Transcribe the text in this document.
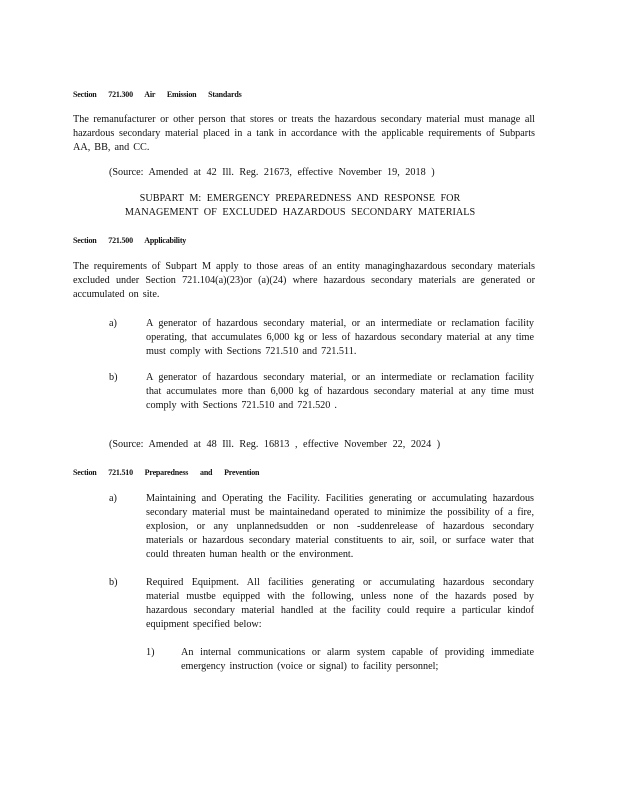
Section 721.300 Air Emission Standards

The remanufacturer or other person that stores or treats the hazardous secondary material must manage all hazardous secondary material placed in a tank in accordance with the applicable requirements of Subparts AA, BB, and CC.

(Source: Amended at 42 Ill. Reg. 21673, effective November 19, 2018 )
SUBPART M: EMERGENCY PREPAREDNESS AND RESPONSE FOR
MANAGEMENT OF EXCLUDED HAZARDOUS SECONDARY MATERIALS
Section 721.500 Applicability

The requirements of Subpart M apply to those areas of an entity managinghazardous secondary materials excluded under Section 721.104(a)(23)or (a)(24) where hazardous secondary materials are generated or accumulated on site.

a)	A generator of hazardous secondary material, or an intermediate or reclamation facility operating, that accumulates 6,000 kg or less of hazardous secondary material at any time must comply with Sections 721.510 and 721.511.

b)	A generator of hazardous secondary material, or an intermediate or reclamation facility that accumulates more than 6,000 kg of hazardous secondary material at any time must comply with Sections 721.510 and 721.520 .

(Source: Amended at 48 Ill. Reg. 16813 , effective November 22, 2024 )
Section 721.510 Preparedness and Prevention
a)	Maintaining and Operating the Facility. Facilities generating or accumulating hazardous secondary material must be maintainedand operated to minimize the possibility of a fire, explosion, or any unplannedsudden or non -suddenrelease of hazardous secondary materials or hazardous secondary material constituents to air, soil, or surface water that could threaten human health or the environment.

b)	Required Equipment. All facilities generating or accumulating hazardous secondary material mustbe equipped with the following, unless none of the hazards posed by hazardous secondary material handled at the facility could require a particular kindof equipment specified below:

1)	An internal communications or alarm system capable of providing immediate emergency instruction (voice or signal) to facility personnel;
